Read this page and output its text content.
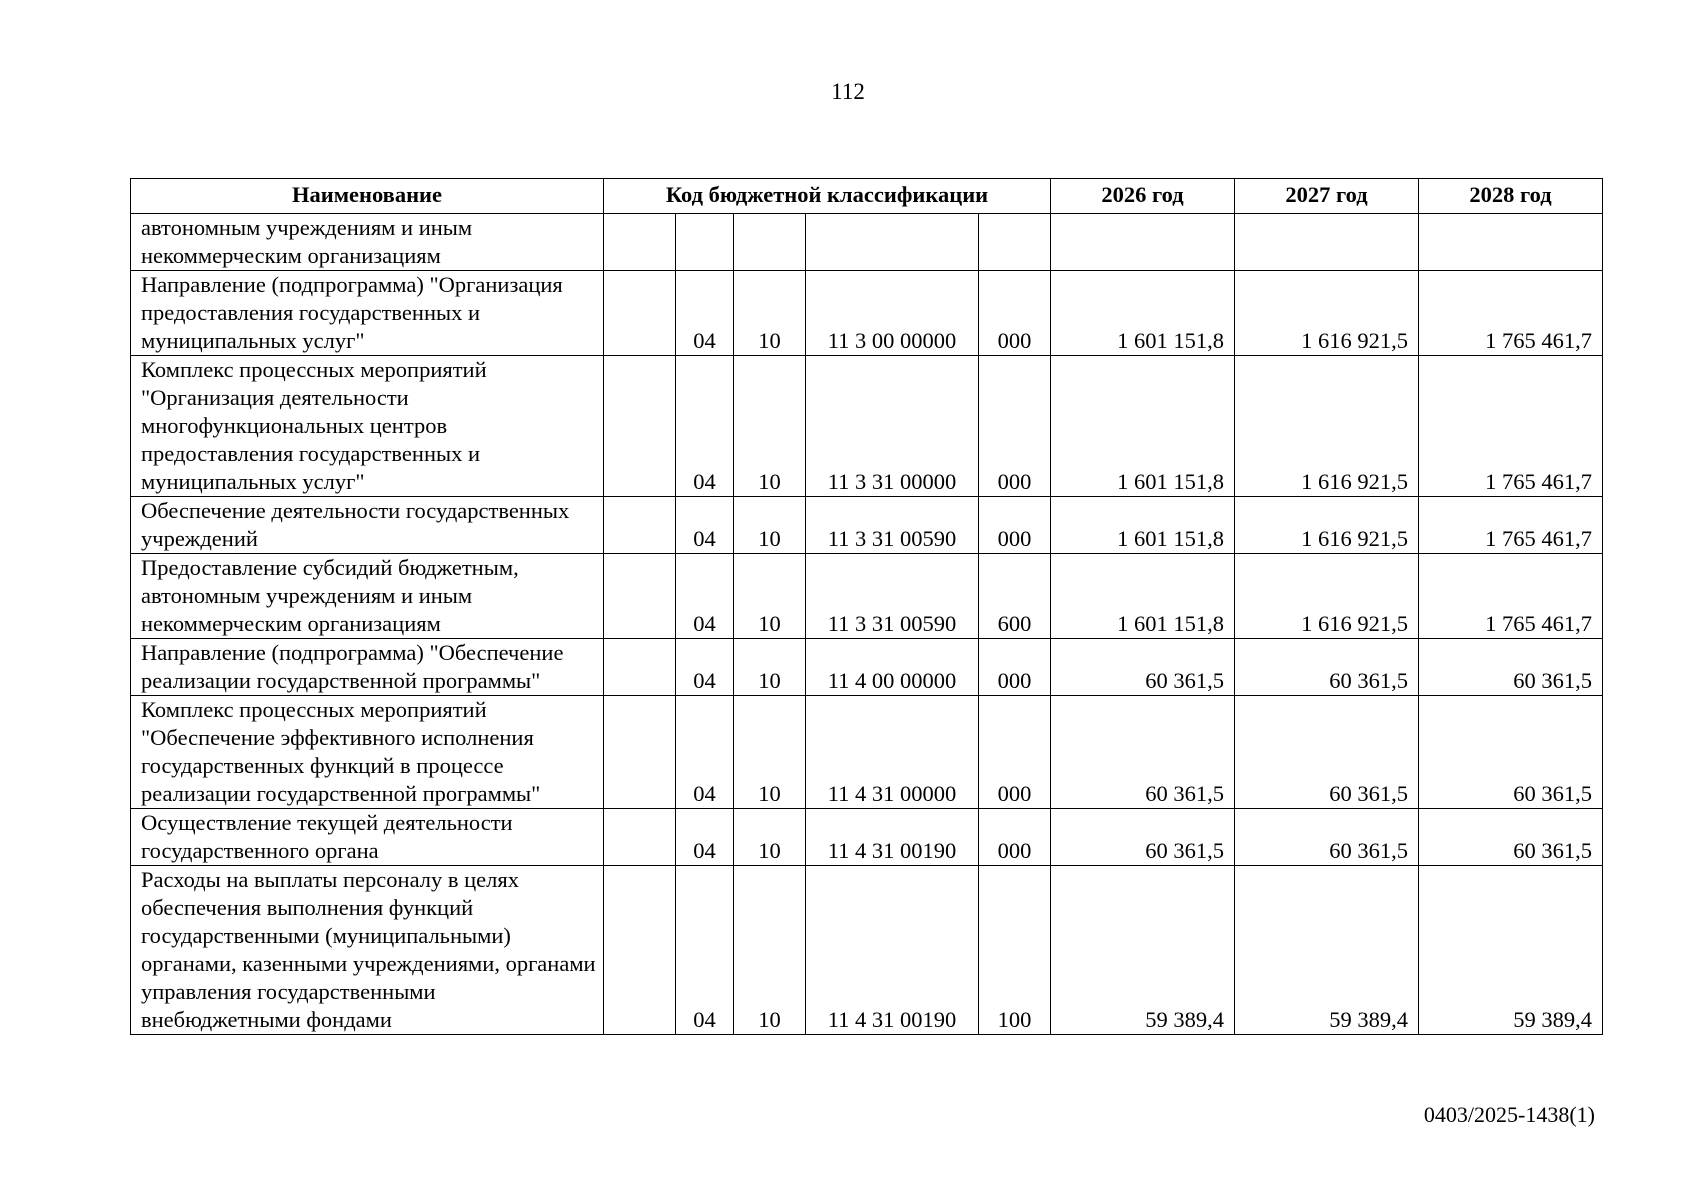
112
Наименование	Код бюджетной классификации					2026 год	2027 год	2028 год
автономным учреждениям и иным некоммерческим организациям								
Направление (подпрограмма) "Организация предоставления государственных и муниципальных услуг"		04	10	11 3 00 00000	000	1 601 151,8	1 616 921,5	1 765 461,7
Комплекс процессных мероприятий "Организация деятельности многофункциональных центров предоставления государственных и муниципальных услуг"		04	10	11 3 31 00000	000	1 601 151,8	1 616 921,5	1 765 461,7
Обеспечение деятельности государственных учреждений		04	10	11 3 31 00590	000	1 601 151,8	1 616 921,5	1 765 461,7
Предоставление субсидий бюджетным, автономным учреждениям и иным некоммерческим организациям		04	10	11 3 31 00590	600	1 601 151,8	1 616 921,5	1 765 461,7
Направление (подпрограмма) "Обеспечение реализации государственной программы"		04	10	11 4 00 00000	000	60 361,5	60 361,5	60 361,5
Комплекс процессных мероприятий "Обеспечение эффективного исполнения государственных функций в процессе реализации государственной программы"		04	10	11 4 31 00000	000	60 361,5	60 361,5	60 361,5
Осуществление текущей деятельности государственного органа		04	10	11 4 31 00190	000	60 361,5	60 361,5	60 361,5
Расходы на выплаты персоналу в целях обеспечения выполнения функций государственными (муниципальными) органами, казенными учреждениями, органами управления государственными внебюджетными фондами		04	10	11 4 31 00190	100	59 389,4	59 389,4	59 389,4
0403/2025-1438(1)
